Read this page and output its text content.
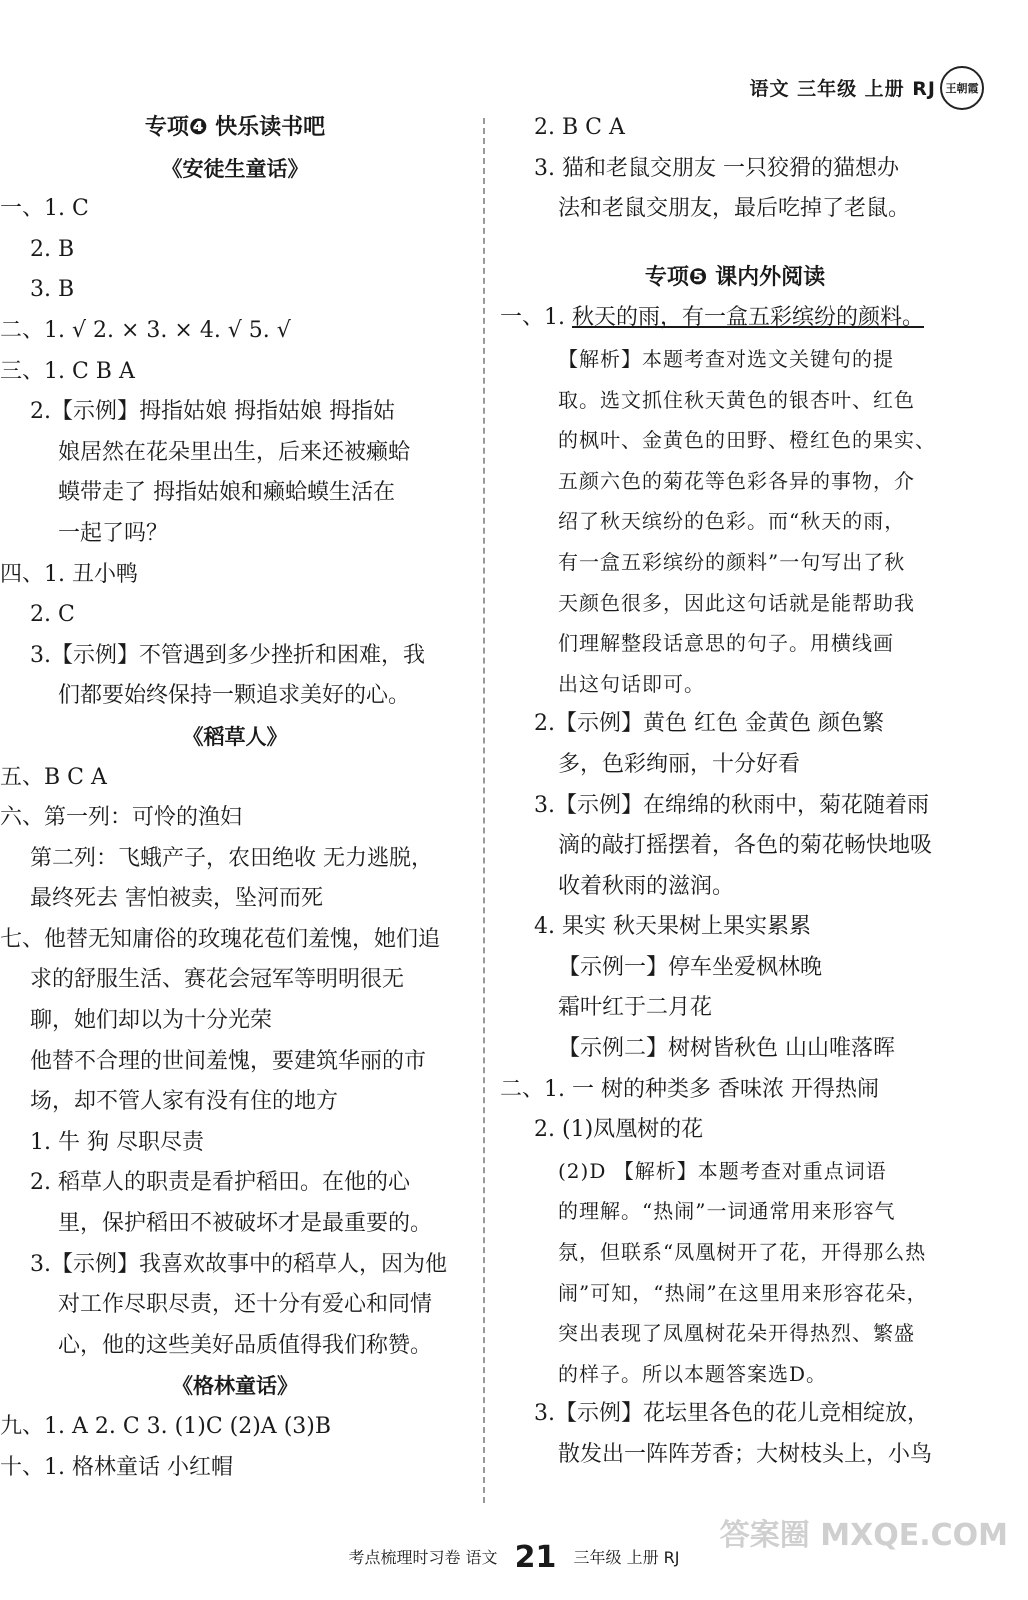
语文 三年级 上册 RJ 王朝霞
专项❹ 快乐读书吧
《安徒生童话》
一、1. C
2. B
3. B
二、1. √ 2. × 3. × 4. √ 5. √
三、1. C B A
2.【示例】拇指姑娘 拇指姑娘 拇指姑
娘居然在花朵里出生，后来还被癞蛤
蟆带走了 拇指姑娘和癞蛤蟆生活在
一起了吗？
四、1. 丑小鸭
2. C
3.【示例】不管遇到多少挫折和困难，我
们都要始终保持一颗追求美好的心。
《稻草人》
五、B C A
六、第一列：可怜的渔妇
第二列：飞蛾产子，农田绝收 无力逃脱，
最终死去 害怕被卖，坠河而死
七、他替无知庸俗的玫瑰花苞们羞愧，她们追
求的舒服生活、赛花会冠军等明明很无
聊，她们却以为十分光荣
他替不合理的世间羞愧，要建筑华丽的市
场，却不管人家有没有住的地方
1. 牛 狗 尽职尽责
2. 稻草人的职责是看护稻田。在他的心
里，保护稻田不被破坏才是最重要的。
3.【示例】我喜欢故事中的稻草人，因为他
对工作尽职尽责，还十分有爱心和同情
心，他的这些美好品质值得我们称赞。
《格林童话》
九、1. A 2. C 3. (1)C (2)A (3)B
十、1. 格林童话 小红帽
2. B C A
3. 猫和老鼠交朋友 一只狡猾的猫想办
法和老鼠交朋友，最后吃掉了老鼠。
专项❺ 课内外阅读
一、1. 秋天的雨，有一盒五彩缤纷的颜料。
【解析】本题考查对选文关键句的提
取。选文抓住秋天黄色的银杏叶、红色
的枫叶、金黄色的田野、橙红色的果实、
五颜六色的菊花等色彩各异的事物，介
绍了秋天缤纷的色彩。而“秋天的雨，
有一盒五彩缤纷的颜料”一句写出了秋
天颜色很多，因此这句话就是能帮助我
们理解整段话意思的句子。用横线画
出这句话即可。
2.【示例】黄色 红色 金黄色 颜色繁
多，色彩绚丽，十分好看
3.【示例】在绵绵的秋雨中，菊花随着雨
滴的敲打摇摆着，各色的菊花畅快地吸
收着秋雨的滋润。
4. 果实 秋天果树上果实累累
【示例一】停车坐爱枫林晚
霜叶红于二月花
【示例二】树树皆秋色 山山唯落晖
二、1. 一 树的种类多 香味浓 开得热闹
2. (1)凤凰树的花
(2)D 【解析】本题考查对重点词语
的理解。“热闹”一词通常用来形容气
氛，但联系“凤凰树开了花，开得那么热
闹”可知，“热闹”在这里用来形容花朵，
突出表现了凤凰树花朵开得热烈、繁盛
的样子。所以本题答案选D。
3.【示例】花坛里各色的花儿竞相绽放，
散发出一阵阵芳香；大树枝头上，小鸟
考点梳理时习卷 语文 21 三年级 上册 RJ
答案圈 MXQE.COM
